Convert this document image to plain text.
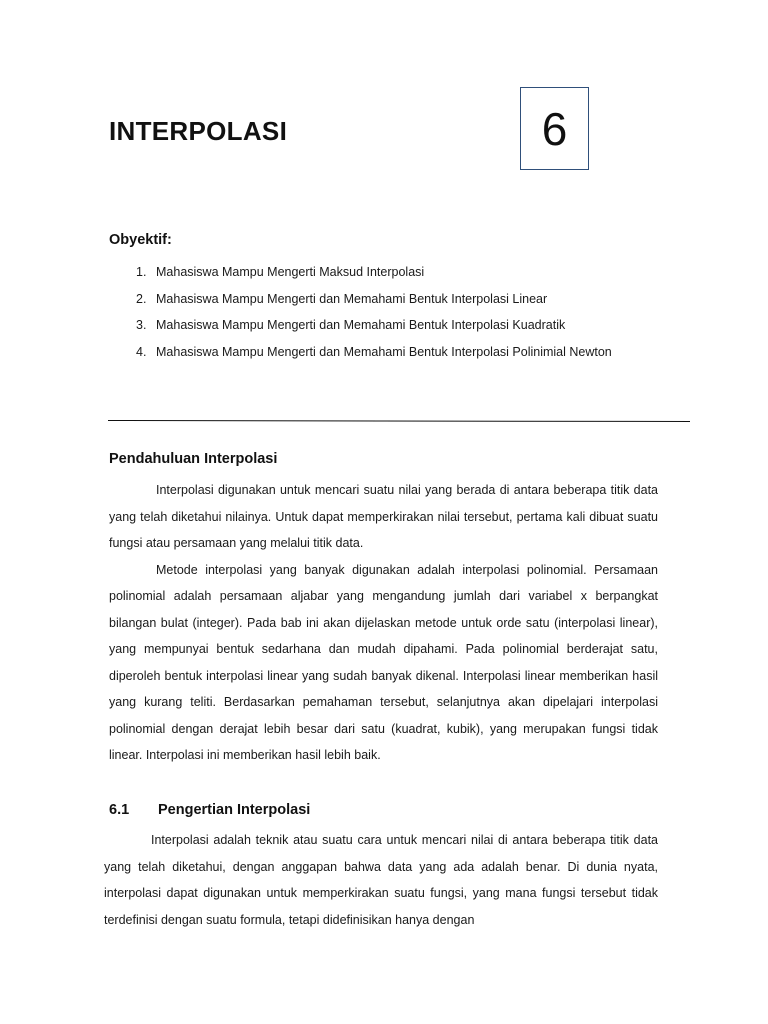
INTERPOLASI	6
Obyektif:
1. Mahasiswa Mampu Mengerti Maksud Interpolasi
2. Mahasiswa Mampu Mengerti dan Memahami Bentuk Interpolasi Linear
3. Mahasiswa Mampu Mengerti dan Memahami Bentuk Interpolasi Kuadratik
4. Mahasiswa Mampu Mengerti dan Memahami Bentuk Interpolasi Polinimial Newton
Pendahuluan Interpolasi

Interpolasi digunakan untuk mencari suatu nilai yang berada di antara beberapa titik data yang telah diketahui nilainya. Untuk dapat memperkirakan nilai tersebut, pertama kali dibuat suatu fungsi atau persamaan yang melalui titik data.

Metode interpolasi yang banyak digunakan adalah interpolasi polinomial. Persamaan polinomial adalah persamaan aljabar yang mengandung jumlah dari variabel x berpangkat bilangan bulat (integer). Pada bab ini akan dijelaskan metode untuk orde satu (interpolasi linear), yang mempunyai bentuk sedarhana dan mudah dipahami. Pada polinomial berderajat satu, diperoleh bentuk interpolasi linear yang sudah banyak dikenal. Interpolasi linear memberikan hasil yang kurang teliti. Berdasarkan pemahaman tersebut, selanjutnya akan dipelajari interpolasi polinomial dengan derajat lebih besar dari satu (kuadrat, kubik), yang merupakan fungsi tidak linear. Interpolasi ini memberikan hasil lebih baik.

6.1 Pengertian Interpolasi

Interpolasi adalah teknik atau suatu cara untuk mencari nilai di antara beberapa titik data yang telah diketahui, dengan anggapan bahwa data yang ada adalah benar. Di dunia nyata, interpolasi dapat digunakan untuk memperkirakan suatu fungsi, yang mana fungsi tersebut tidak terdefinisi dengan suatu formula, tetapi didefinisikan hanya dengan
